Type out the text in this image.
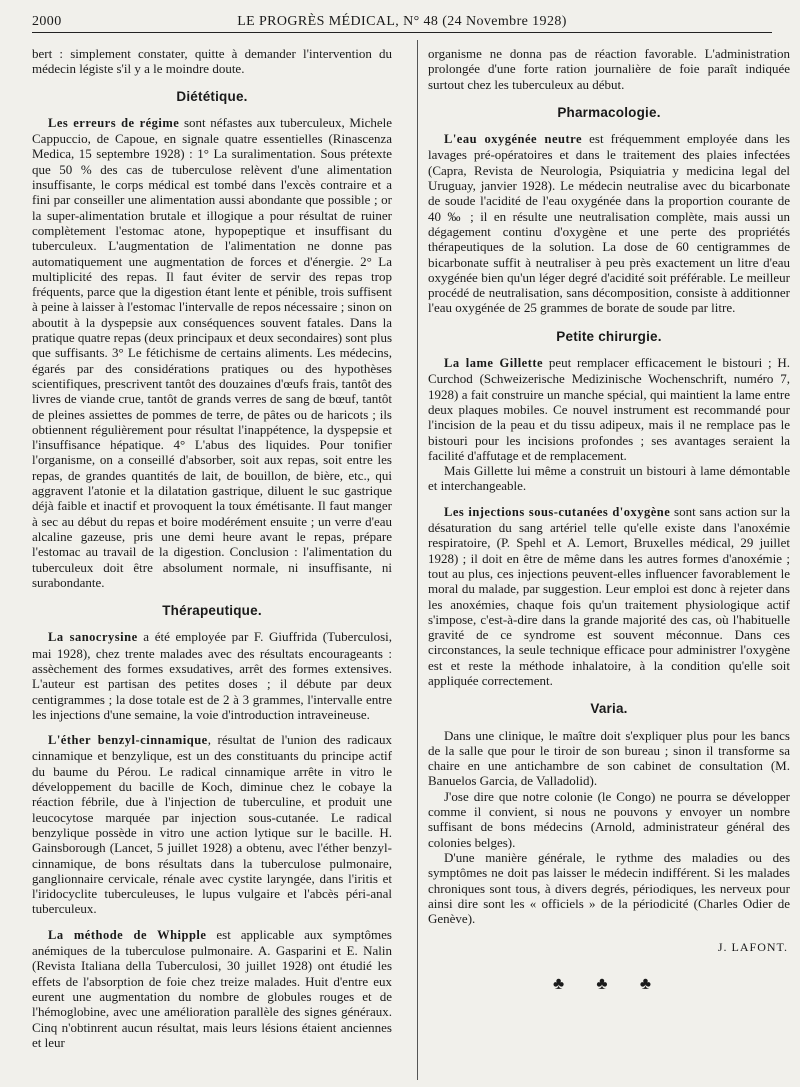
2000	LE PROGRÈS MÉDICAL, N° 48 (24 Novembre 1928)

bert : simplement constater, quitte à demander l'intervention du médecin légiste s'il y a le moindre doute.

Diététique.

Les erreurs de régime sont néfastes aux tuberculeux, Michele Cappuccio, de Capoue, en signale quatre essentielles (Rinascenza Medica, 15 septembre 1928) : 1° La suralimentation. Sous prétexte que 50 % des cas de tuberculose relèvent d'une alimentation insuffisante, le corps médical est tombé dans l'excès contraire et a fini par conseiller une alimentation aussi abondante que possible ; or la super-alimentation brutale et illogique a pour résultat de ruiner complètement l'estomac atone, hypopeptique et insuffisant du tuberculeux. L'augmentation de l'alimentation ne donne pas automatiquement une augmentation de forces et d'énergie. 2° La multiplicité des repas. Il faut éviter de servir des repas trop fréquents, parce que la digestion étant lente et pénible, trois suffisent à peine à laisser à l'estomac l'intervalle de repos nécessaire ; sinon on aboutit à la dyspepsie aux conséquences souvent fatales. Dans la pratique quatre repas (deux principaux et deux secondaires) sont plus que suffisants. 3° Le fétichisme de certains aliments. Les médecins, égarés par des considérations pratiques ou des hypothèses scientifiques, prescrivent tantôt des douzaines d'œufs frais, tantôt des livres de viande crue, tantôt de grands verres de sang de bœuf, tantôt de pleines assiettes de pommes de terre, de pâtes ou de haricots ; ils obtiennent régulièrement pour résultat l'inappétence, la dyspepsie et l'insuffisance hépatique. 4° L'abus des liquides. Pour tonifier l'organisme, on a conseillé d'absorber, soit aux repas, soit entre les repas, de grandes quantités de lait, de bouillon, de bière, etc., qui aggravent l'atonie et la dilatation gastrique, diluent le suc gastrique déjà faible et inactif et provoquent la toux émétisante. Il faut manger à sec au début du repas et boire modérément ensuite ; un verre d'eau alcaline gazeuse, pris une demi heure avant le repas, prépare l'estomac au travail de la digestion. Conclusion : l'alimentation du tuberculeux doit être absolument normale, ni insuffisante, ni surabondante.

Thérapeutique.

La sanocrysine a été employée par F. Giuffrida (Tuberculosi, mai 1928), chez trente malades avec des résultats encourageants : assèchement des formes exsudatives, arrêt des formes extensives. L'auteur est partisan des petites doses ; il débute par deux centigrammes ; la dose totale est de 2 à 3 grammes, l'intervalle entre les injections d'une semaine, la voie d'introduction intraveineuse.

L'éther benzyl-cinnamique, résultat de l'union des radicaux cinnamique et benzylique, est un des constituants du principe actif du baume du Pérou. Le radical cinnamique arrête in vitro le développement du bacille de Koch, diminue chez le cobaye la réaction fébrile, due à l'injection de tuberculine, et produit une leucocytose marquée par injection sous-cutanée. Le radical benzylique possède in vitro une action lytique sur le bacille. H. Gainsborough (Lancet, 5 juillet 1928) a obtenu, avec l'éther benzyl-cinnamique, de bons résultats dans la tuberculose pulmonaire, ganglionnaire cervicale, rénale avec cystite laryngée, dans l'iritis et l'iridocyclite tuberculeuses, le lupus vulgaire et l'abcès péri-anal tuberculeux.

La méthode de Whipple est applicable aux symptômes anémiques de la tuberculose pulmonaire. A. Gasparini et E. Nalin (Revista Italiana della Tuberculosi, 30 juillet 1928) ont étudié les effets de l'absorption de foie chez treize malades. Huit d'entre eux eurent une augmentation du nombre de globules rouges et de l'hémoglobine, avec une amélioration parallèle des signes généraux. Cinq n'obtinrent aucun résultat, mais leurs lésions étaient anciennes et leur

organisme ne donna pas de réaction favorable. L'administration prolongée d'une forte ration journalière de foie paraît indiquée surtout chez les tuberculeux au début.

Pharmacologie.

L'eau oxygénée neutre est fréquemment employée dans les lavages pré-opératoires et dans le traitement des plaies infectées (Capra, Revista de Neurologia, Psiquiatria y medicina legal del Uruguay, janvier 1928). Le médecin neutralise avec du bicarbonate de soude l'acidité de l'eau oxygénée dans la proportion courante de 40 ‰ ; il en résulte une neutralisation complète, mais aussi un dégagement continu d'oxygène et une perte des propriétés thérapeutiques de la solution. La dose de 60 centigrammes de bicarbonate suffit à neutraliser à peu près exactement un litre d'eau oxygénée bien qu'un léger degré d'acidité soit préférable. Le meilleur procédé de neutralisation, sans décomposition, consiste à additionner l'eau oxygénée de 25 grammes de borate de soude par litre.

Petite chirurgie.

La lame Gillette peut remplacer efficacement le bistouri ; H. Curchod (Schweizerische Medizinische Wochenschrift, numéro 7, 1928) a fait construire un manche spécial, qui maintient la lame entre deux plaques mobiles. Ce nouvel instrument est recommandé pour l'incision de la peau et du tissu adipeux, mais il ne remplace pas le bistouri pour les incisions profondes ; ses avantages seraient la facilité d'affutage et de remplacement.

Mais Gillette lui même a construit un bistouri à lame démontable et interchangeable.

Les injections sous-cutanées d'oxygène sont sans action sur la désaturation du sang artériel telle qu'elle existe dans l'anoxémie respiratoire, (P. Spehl et A. Lemort, Bruxelles médical, 29 juillet 1928) ; il doit en être de même dans les autres formes d'anoxémie ; tout au plus, ces injections peuvent-elles influencer favorablement le moral du malade, par suggestion. Leur emploi est donc à rejeter dans les anoxémies, chaque fois qu'un traitement physiologique actif s'impose, c'est-à-dire dans la grande majorité des cas, où l'habituelle gravité de ce syndrome est souvent méconnue. Dans ces circonstances, la seule technique efficace pour administrer l'oxygène est et reste la méthode inhalatoire, à la condition qu'elle soit appliquée correctement.

Varia.

Dans une clinique, le maître doit s'expliquer plus pour les bancs de la salle que pour le tiroir de son bureau ; sinon il transforme sa chaire en une antichambre de son cabinet de consultation (M. Banuelos Garcia, de Valladolid).

J'ose dire que notre colonie (le Congo) ne pourra se développer comme il convient, si nous ne pouvons y envoyer un nombre suffisant de bons médecins (Arnold, administrateur général des colonies belges).

D'une manière générale, le rythme des maladies ou des symptômes ne doit pas laisser le médecin indifférent. Si les malades chroniques sont tous, à divers degrés, périodiques, les nerveux pour ainsi dire sont les « officiels » de la périodicité (Charles Odier de Genève).

J. LAFONT.
♣ ♣ ♣
